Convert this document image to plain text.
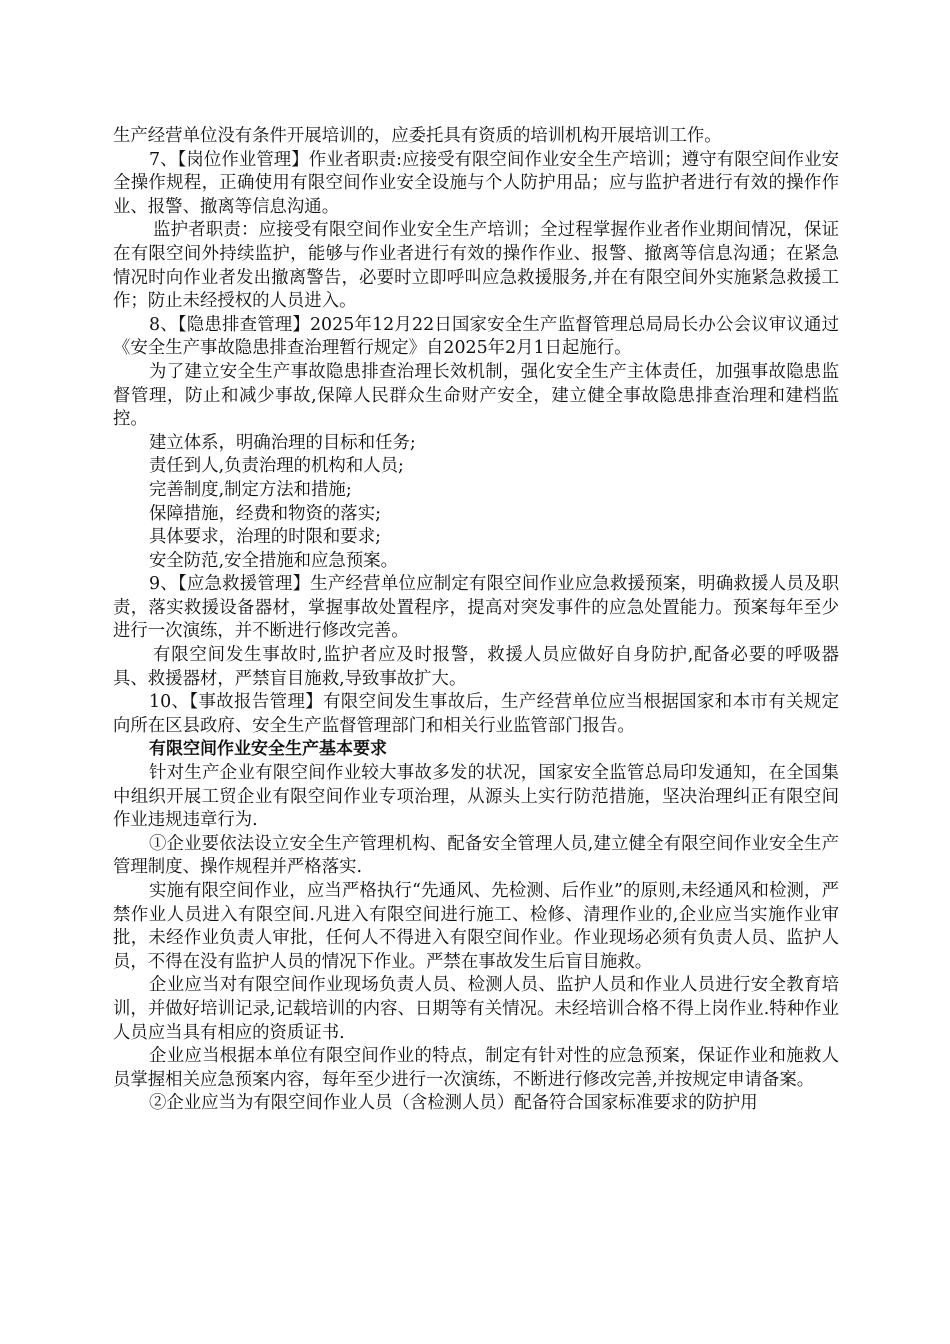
生产经营单位没有条件开展培训的，应委托具有资质的培训机构开展培训工作。

7、【岗位作业管理】作业者职责:应接受有限空间作业安全生产培训；遵守有限空间作业安全操作规程，正确使用有限空间作业安全设施与个人防护用品；应与监护者进行有效的操作作业、报警、撤离等信息沟通。

监护者职责：应接受有限空间作业安全生产培训；全过程掌握作业者作业期间情况，保证在有限空间外持续监护，能够与作业者进行有效的操作作业、报警、撤离等信息沟通；在紧急情况时向作业者发出撤离警告，必要时立即呼叫应急救援服务,并在有限空间外实施紧急救援工作；防止未经授权的人员进入。

8、【隐患排查管理】2025年12月22日国家安全生产监督管理总局局长办公会议审议通过《安全生产事故隐患排查治理暂行规定》自2025年2月1日起施行。

为了建立安全生产事故隐患排查治理长效机制，强化安全生产主体责任，加强事故隐患监督管理，防止和减少事故,保障人民群众生命财产安全，建立健全事故隐患排查治理和建档监控。

建立体系，明确治理的目标和任务;

责任到人,负责治理的机构和人员;

完善制度,制定方法和措施;

保障措施，经费和物资的落实;

具体要求，治理的时限和要求;

安全防范,安全措施和应急预案。

9、【应急救援管理】生产经营单位应制定有限空间作业应急救援预案，明确救援人员及职责，落实救援设备器材，掌握事故处置程序，提高对突发事件的应急处置能力。预案每年至少进行一次演练，并不断进行修改完善。

有限空间发生事故时,监护者应及时报警，救援人员应做好自身防护,配备必要的呼吸器具、救援器材，严禁盲目施救,导致事故扩大。

10、【事故报告管理】有限空间发生事故后，生产经营单位应当根据国家和本市有关规定向所在区县政府、安全生产监督管理部门和相关行业监管部门报告。

有限空间作业安全生产基本要求

针对生产企业有限空间作业较大事故多发的状况，国家安全监管总局印发通知，在全国集中组织开展工贸企业有限空间作业专项治理，从源头上实行防范措施，坚决治理纠正有限空间作业违规违章行为.

①企业要依法设立安全生产管理机构、配备安全管理人员,建立健全有限空间作业安全生产管理制度、操作规程并严格落实.

实施有限空间作业，应当严格执行“先通风、先检测、后作业”的原则,未经通风和检测，严禁作业人员进入有限空间.凡进入有限空间进行施工、检修、清理作业的,企业应当实施作业审批，未经作业负责人审批，任何人不得进入有限空间作业。作业现场必须有负责人员、监护人员，不得在没有监护人员的情况下作业。严禁在事故发生后盲目施救。

企业应当对有限空间作业现场负责人员、检测人员、监护人员和作业人员进行安全教育培训，并做好培训记录,记载培训的内容、日期等有关情况。未经培训合格不得上岗作业.特种作业人员应当具有相应的资质证书.

企业应当根据本单位有限空间作业的特点，制定有针对性的应急预案，保证作业和施救人员掌握相关应急预案内容，每年至少进行一次演练，不断进行修改完善,并按规定申请备案。

②企业应当为有限空间作业人员（含检测人员）配备符合国家标准要求的防护用
